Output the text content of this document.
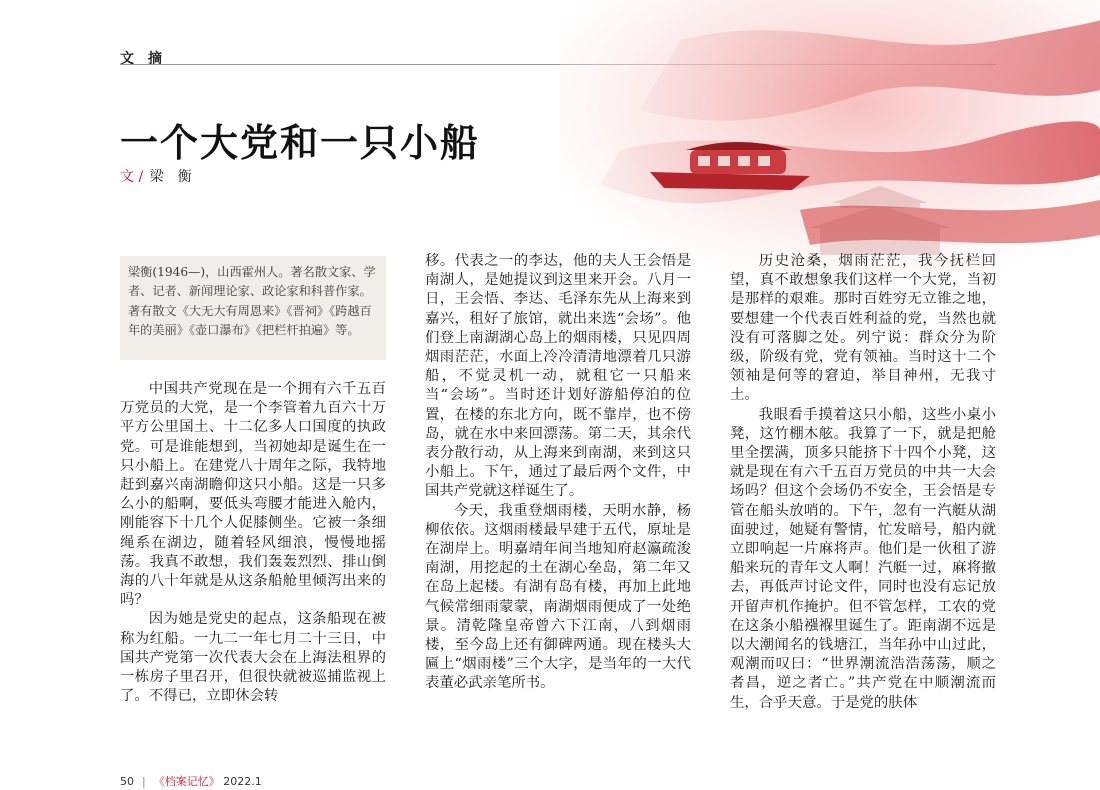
文摘
一个大党和一只小船
文 / 梁衡
梁衡(1946—)，山西霍州人。著名散文家、学者、记者、新闻理论家、政论家和科普作家。著有散文《大无大有周恩来》《晋祠》《跨越百年的美丽》《壶口瀑布》《把栏杆拍遍》等。

中国共产党现在是一个拥有六千五百万党员的大党，是一个李管着九百六十万平方公里国土、十二亿多人口国度的执政党。可是谁能想到，当初她却是诞生在一只小船上。在建党八十周年之际，我特地赶到嘉兴南湖瞻仰这只小船。这是一只多么小的船啊，要低头弯腰才能进入舱内，刚能容下十几个人促膝侧坐。它被一条细绳系在湖边，随着轻风细浪，慢慢地摇荡。我真不敢想，我们轰轰烈烈、排山倒海的八十年就是从这条船舱里倾泻出来的吗？

因为她是党史的起点，这条船现在被称为红船。一九二一年七月二十三日，中国共产党第一次代表大会在上海法租界的一栋房子里召开，但很快就被巡捕监视上了。不得已，立即休会转

移。代表之一的李达，他的夫人王会悟是南湖人，是她提议到这里来开会。八月一日，王会悟、李达、毛泽东先从上海来到嘉兴，租好了旅馆，就出来选“会场”。他们登上南湖湖心岛上的烟雨楼，只见四周烟雨茫茫，水面上冷冷清清地漂着几只游船，不觉灵机一动，就租它一只船来当“会场”。当时还计划好游船停泊的位置，在楼的东北方向，既不靠岸，也不傍岛，就在水中来回漂荡。第二天，其余代表分散行动，从上海来到南湖，来到这只小船上。下午，通过了最后两个文件，中国共产党就这样诞生了。

今天，我重登烟雨楼，天明水静，杨柳依依。这烟雨楼最早建于五代，原址是在湖岸上。明嘉靖年间当地知府赵瀛疏浚南湖，用挖起的土在湖心垒岛，第二年又在岛上起楼。有湖有岛有楼，再加上此地气候常细雨蒙蒙，南湖烟雨便成了一处绝景。清乾隆皇帝曾六下江南，八到烟雨楼，至今岛上还有御碑两通。现在楼头大匾上“烟雨楼”三个大字，是当年的一大代表董必武亲笔所书。

历史沧桑，烟雨茫茫，我今抚栏回望，真不敢想象我们这样一个大党，当初是那样的艰难。那时百姓穷无立锥之地，要想建一个代表百姓利益的党，当然也就没有可落脚之处。列宁说：群众分为阶级，阶级有党，党有领袖。当时这十二个领袖是何等的窘迫，举目神州，无我寸土。

我眼看手摸着这只小船，这些小桌小凳，这竹棚木舷。我算了一下，就是把舱里全摆满，顶多只能挤下十四个小凳，这就是现在有六千五百万党员的中共一大会场吗？但这个会场仍不安全，王会悟是专管在船头放哨的。下午，忽有一汽艇从湖面驶过，她疑有警情，忙发暗号，船内就立即响起一片麻将声。他们是一伙租了游船来玩的青年文人啊！汽艇一过，麻将撤去，再低声讨论文件，同时也没有忘记放开留声机作掩护。但不管怎样，工农的党在这条小船襁褓里诞生了。距南湖不远是以大潮闻名的钱塘江，当年孙中山过此，观潮而叹曰：“世界潮流浩浩荡荡，顺之者昌，逆之者亡。”共产党在中顺潮流而生，合乎天意。于是党的肤体

50 | 《档案记忆》 2022.1
